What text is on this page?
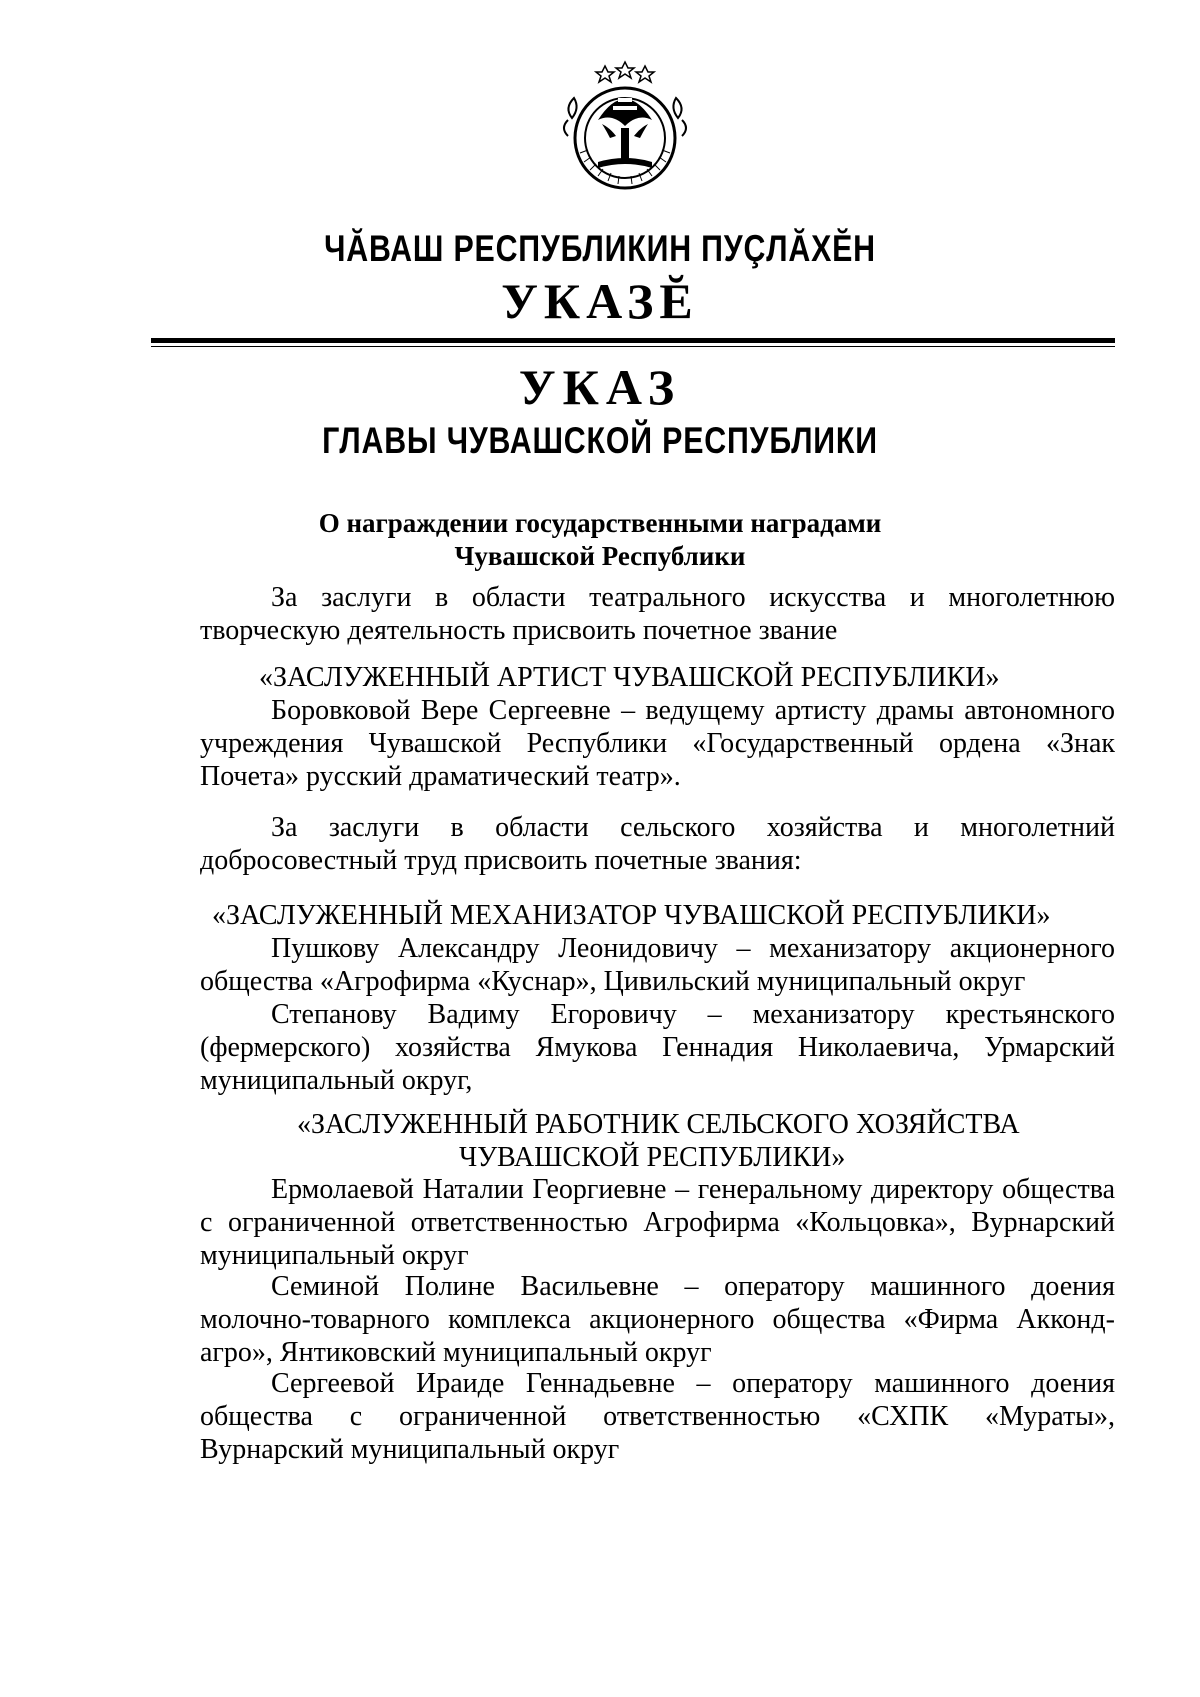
ЧĂВАШ РЕСПУБЛИКИН ПУÇЛĂХĔН
УКАЗĔ
УКАЗ
ГЛАВЫ ЧУВАШСКОЙ РЕСПУБЛИКИ
О награждении государственными наградами
Чувашской Республики

За заслуги в области театрального искусства и многолетнюю творческую деятельность присвоить почетное звание

«ЗАСЛУЖЕННЫЙ АРТИСТ ЧУВАШСКОЙ РЕСПУБЛИКИ»

Боровковой Вере Сергеевне – ведущему артисту драмы автономного учреждения Чувашской Республики «Государственный ордена «Знак Почета» русский драматический театр».

За заслуги в области сельского хозяйства и многолетний добросовестный труд присвоить почетные звания:

«ЗАСЛУЖЕННЫЙ МЕХАНИЗАТОР ЧУВАШСКОЙ РЕСПУБЛИКИ»

Пушкову Александру Леонидовичу – механизатору акционерного общества «Агрофирма «Куснар», Цивильский муниципальный округ

Степанову Вадиму Егоровичу – механизатору крестьянского (фермерского) хозяйства Ямукова Геннадия Николаевича, Урмарский муниципальный округ,

«ЗАСЛУЖЕННЫЙ РАБОТНИК СЕЛЬСКОГО ХОЗЯЙСТВА

ЧУВАШСКОЙ РЕСПУБЛИКИ»

Ермолаевой Наталии Георгиевне – генеральному директору общества с ограниченной ответственностью Агрофирма «Кольцовка», Вурнарский муниципальный округ

Семиной Полине Васильевне – оператору машинного доения молочно-товарного комплекса акционерного общества «Фирма Акконд-агро», Янтиковский муниципальный округ

Сергеевой Ираиде Геннадьевне – оператору машинного доения общества с ограниченной ответственностью «СХПК «Мураты», Вурнарский муниципальный округ
